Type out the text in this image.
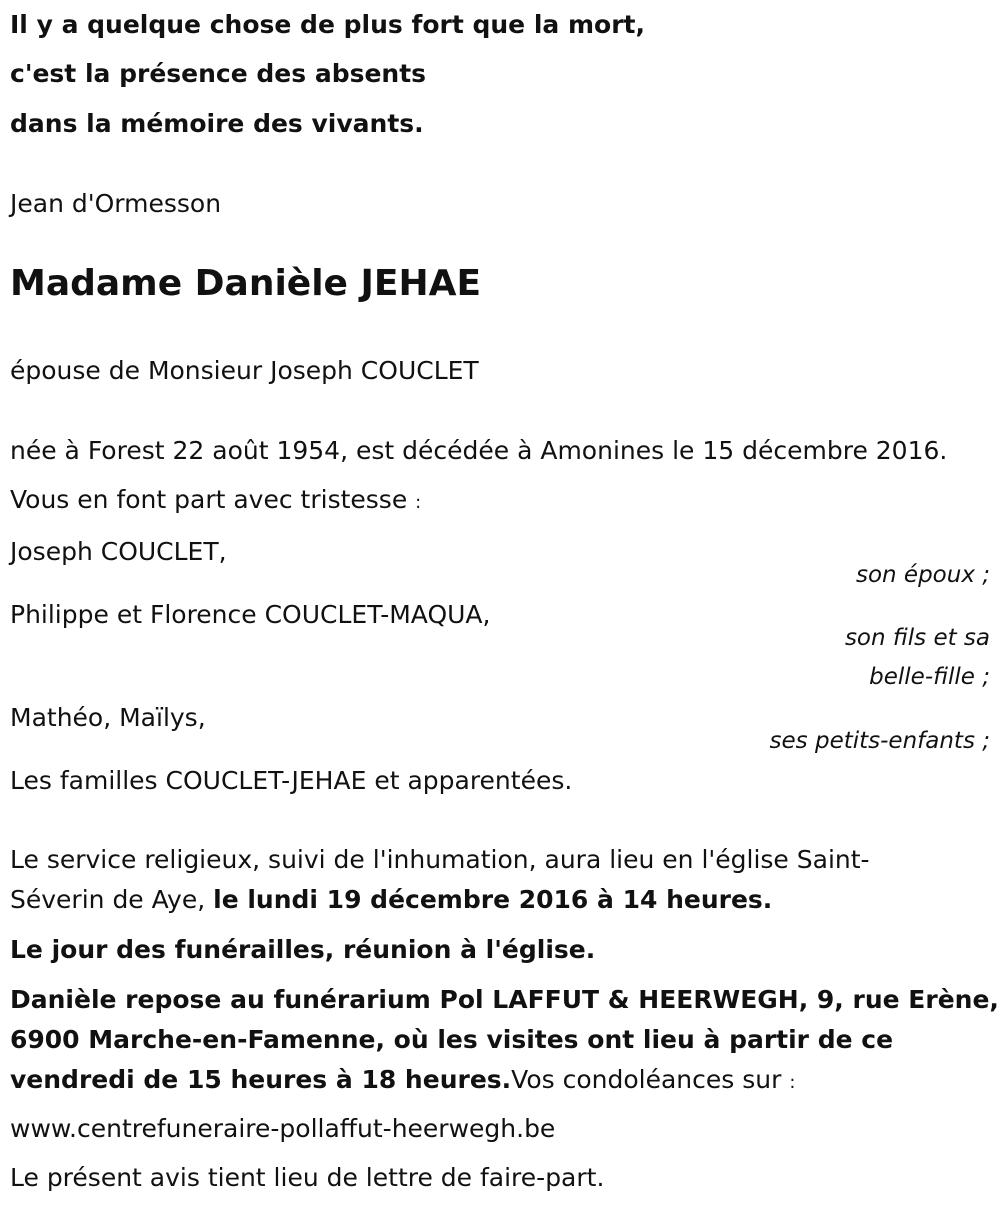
Il y a quelque chose de plus fort que la mort,
c'est la présence des absents
dans la mémoire des vivants.
Jean d'Ormesson
Madame Danièle JEHAE
épouse de Monsieur Joseph COUCLET
née à Forest 22 août 1954, est décédée à Amonines le 15 décembre 2016.
Vous en font part avec tristesse :
Joseph COUCLET,
son époux ;
Philippe et Florence COUCLET-MAQUA,
son fils et sa
belle-fille ;
Mathéo, Maïlys,
ses petits-enfants ;
Les familles COUCLET-JEHAE et apparentées.
Le service religieux, suivi de l'inhumation, aura lieu en l'église Saint-
Séverin de Aye, le lundi 19 décembre 2016 à 14 heures.
Le jour des funérailles, réunion à l'église.
Danièle repose au funérarium Pol LAFFUT & HEERWEGH, 9, rue Erène,
6900 Marche-en-Famenne, où les visites ont lieu à partir de ce
vendredi de 15 heures à 18 heures.Vos condoléances sur :
www.centrefuneraire-pollaffut-heerwegh.be
Le présent avis tient lieu de lettre de faire-part.
